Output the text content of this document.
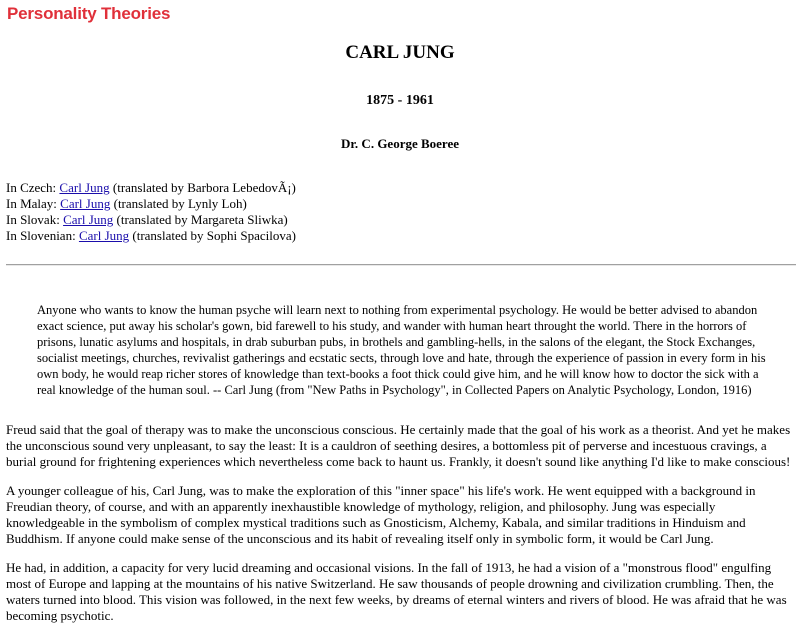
Personality Theories
CARL JUNG
1875 - 1961
Dr. C. George Boeree
In Czech: Carl Jung (translated by Barbora LebedovÃ¡)
In Malay: Carl Jung (translated by Lynly Loh)
In Slovak: Carl Jung (translated by Margareta Sliwka)
In Slovenian: Carl Jung (translated by Sophi Spacilova)

Anyone who wants to know the human psyche will learn next to nothing from experimental psychology. He would be better advised to abandon exact science, put away his scholar's gown, bid farewell to his study, and wander with human heart throught the world. There in the horrors of prisons, lunatic asylums and hospitals, in drab suburban pubs, in brothels and gambling-hells, in the salons of the elegant, the Stock Exchanges, socialist meetings, churches, revivalist gatherings and ecstatic sects, through love and hate, through the experience of passion in every form in his own body, he would reap richer stores of knowledge than text-books a foot thick could give him, and he will know how to doctor the sick with a real knowledge of the human soul. -- Carl Jung (from "New Paths in Psychology", in Collected Papers on Analytic Psychology, London, 1916)

Freud said that the goal of therapy was to make the unconscious conscious. He certainly made that the goal of his work as a theorist. And yet he makes the unconscious sound very unpleasant, to say the least: It is a cauldron of seething desires, a bottomless pit of perverse and incestuous cravings, a burial ground for frightening experiences which nevertheless come back to haunt us. Frankly, it doesn't sound like anything I'd like to make conscious!

A younger colleague of his, Carl Jung, was to make the exploration of this "inner space" his life's work. He went equipped with a background in Freudian theory, of course, and with an apparently inexhaustible knowledge of mythology, religion, and philosophy. Jung was especially knowledgeable in the symbolism of complex mystical traditions such as Gnosticism, Alchemy, Kabala, and similar traditions in Hinduism and Buddhism. If anyone could make sense of the unconscious and its habit of revealing itself only in symbolic form, it would be Carl Jung.

He had, in addition, a capacity for very lucid dreaming and occasional visions. In the fall of 1913, he had a vision of a "monstrous flood" engulfing most of Europe and lapping at the mountains of his native Switzerland. He saw thousands of people drowning and civilization crumbling. Then, the waters turned into blood. This vision was followed, in the next few weeks, by dreams of eternal winters and rivers of blood. He was afraid that he was becoming psychotic.
